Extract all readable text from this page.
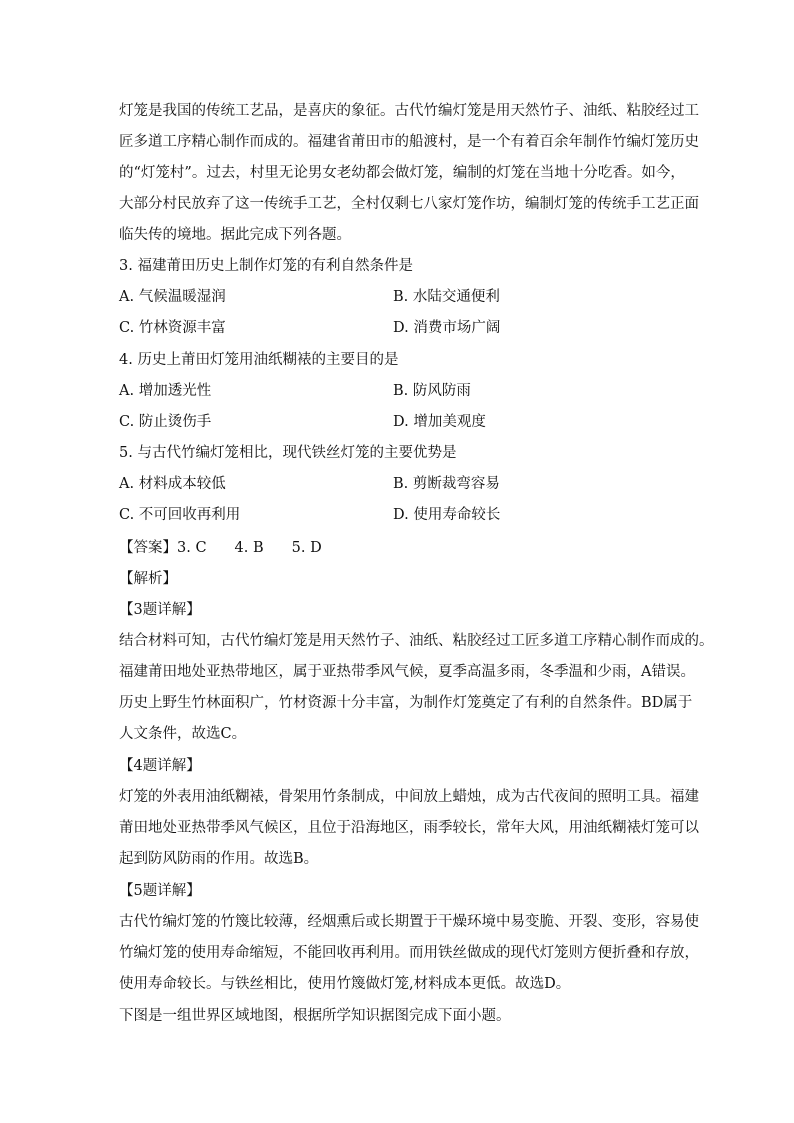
灯笼是我国的传统工艺品，是喜庆的象征。古代竹编灯笼是用天然竹子、油纸、粘胶经过工
匠多道工序精心制作而成的。福建省莆田市的船渡村，是一个有着百余年制作竹编灯笼历史
的“灯笼村”。过去，村里无论男女老幼都会做灯笼，编制的灯笼在当地十分吃香。如今，
大部分村民放弃了这一传统手工艺，全村仅剩七八家灯笼作坊，编制灯笼的传统手工艺正面
临失传的境地。据此完成下列各题。
3. 福建莆田历史上制作灯笼的有利自然条件是
A. 气候温暖湿润	B. 水陆交通便利
C. 竹林资源丰富	D. 消费市场广阔
4. 历史上莆田灯笼用油纸糊裱的主要目的是
A. 增加透光性	B. 防风防雨
C. 防止烫伤手	D. 增加美观度
5. 与古代竹编灯笼相比，现代铁丝灯笼的主要优势是
A. 材料成本较低	B. 剪断裁弯容易
C. 不可回收再利用	D. 使用寿命较长
【答案】3. C 4. B 5. D
【解析】
【3题详解】
结合材料可知，古代竹编灯笼是用天然竹子、油纸、粘胶经过工匠多道工序精心制作而成的。
福建莆田地处亚热带地区，属于亚热带季风气候，夏季高温多雨，冬季温和少雨，A错误。
历史上野生竹林面积广，竹材资源十分丰富，为制作灯笼奠定了有利的自然条件。BD属于
人文条件，故选C。
【4题详解】
灯笼的外表用油纸糊裱，骨架用竹条制成，中间放上蜡烛，成为古代夜间的照明工具。福建
莆田地处亚热带季风气候区，且位于沿海地区，雨季较长，常年大风，用油纸糊裱灯笼可以
起到防风防雨的作用。故选B。
【5题详解】
古代竹编灯笼的竹篾比较薄，经烟熏后或长期置于干燥环境中易变脆、开裂、变形，容易使
竹编灯笼的使用寿命缩短，不能回收再利用。而用铁丝做成的现代灯笼则方便折叠和存放，
使用寿命较长。与铁丝相比，使用竹篾做灯笼,材料成本更低。故选D。
下图是一组世界区域地图，根据所学知识据图完成下面小题。
